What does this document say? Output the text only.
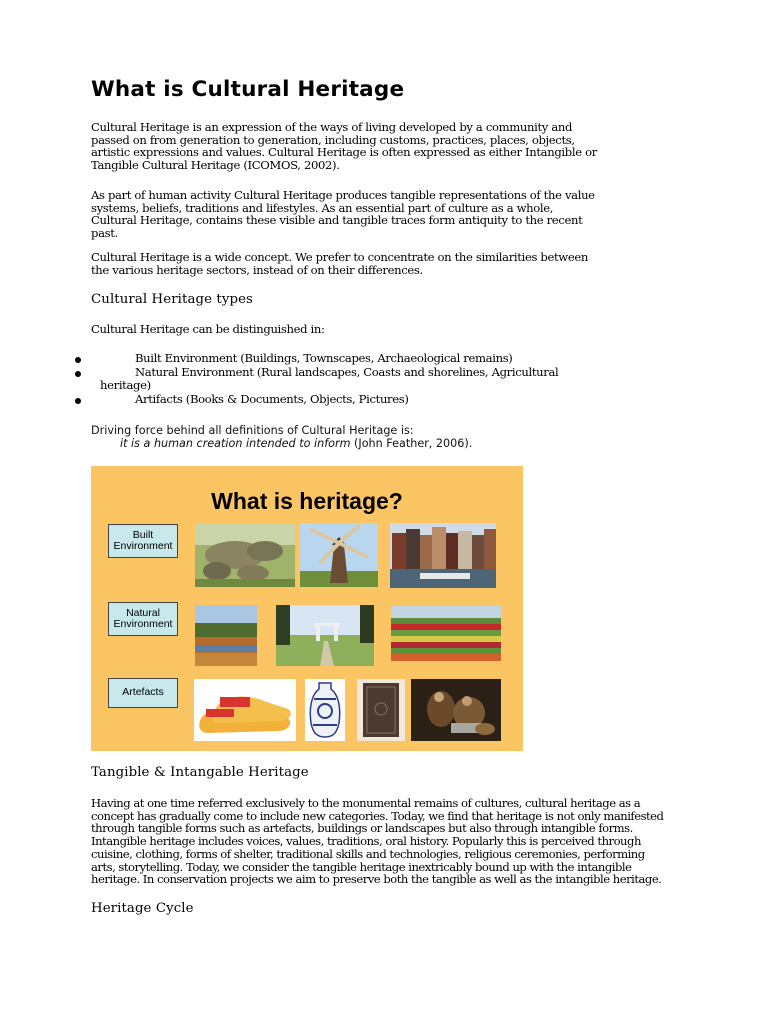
What is Cultural Heritage
Cultural Heritage is an expression of the ways of living developed by a community and
passed on from generation to generation, including customs, practices, places, objects,
artistic expressions and values. Cultural Heritage is often expressed as either Intangible or
Tangible Cultural Heritage (ICOMOS, 2002).
As part of human activity Cultural Heritage produces tangible representations of the value
systems, beliefs, traditions and lifestyles. As an essential part of culture as a whole,
Cultural Heritage, contains these visible and tangible traces form antiquity to the recent
past.
Cultural Heritage is a wide concept. We prefer to concentrate on the similarities between
the various heritage sectors, instead of on their differences.
Cultural Heritage types
Cultural Heritage can be distinguished in:
Built Environment (Buildings, Townscapes, Archaeological remains)
Natural Environment (Rural landscapes, Coasts and shorelines, Agricultural
heritage)
Artifacts (Books & Documents, Objects, Pictures)
Driving force behind all definitions of Cultural Heritage is:
it is a human creation intended to inform (John Feather, 2006).
What is heritage?
Built Environment
Natural Environment
Artefacts
Tangible & Intangable Heritage
Having at one time referred exclusively to the monumental remains of cultures, cultural heritage as a
concept has gradually come to include new categories. Today, we find that heritage is not only manifested
through tangible forms such as artefacts, buildings or landscapes but also through intangible forms.
Intangible heritage includes voices, values, traditions, oral history. Popularly this is perceived through
cuisine, clothing, forms of shelter, traditional skills and technologies, religious ceremonies, performing
arts, storytelling. Today, we consider the tangible heritage inextricably bound up with the intangible
heritage. In conservation projects we aim to preserve both the tangible as well as the intangible heritage.
Heritage Cycle
